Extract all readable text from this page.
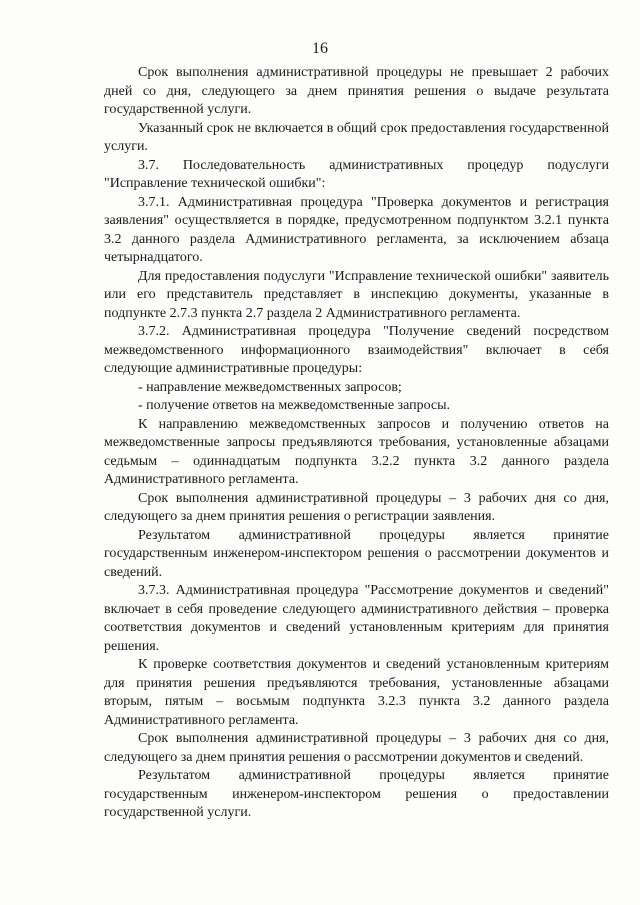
16

Срок выполнения административной процедуры не превышает 2 рабочих дней со дня, следующего за днем принятия решения о выдаче результата государственной услуги.

Указанный срок не включается в общий срок предоставления государственной услуги.

3.7. Последовательность административных процедур подуслуги "Исправление технической ошибки":

3.7.1. Административная процедура "Проверка документов и регистрация заявления" осуществляется в порядке, предусмотренном подпунктом 3.2.1 пункта 3.2 данного раздела Административного регламента, за исключением абзаца четырнадцатого.

Для предоставления подуслуги "Исправление технической ошибки" заявитель или его представитель представляет в инспекцию документы, указанные в подпункте 2.7.3 пункта 2.7 раздела 2 Административного регламента.

3.7.2. Административная процедура "Получение сведений посредством межведомственного информационного взаимодействия" включает в себя следующие административные процедуры:

- направление межведомственных запросов;

- получение ответов на межведомственные запросы.

К направлению межведомственных запросов и получению ответов на межведомственные запросы предъявляются требования, установленные абзацами седьмым – одиннадцатым подпункта 3.2.2 пункта 3.2 данного раздела Административного регламента.

Срок выполнения административной процедуры – 3 рабочих дня со дня, следующего за днем принятия решения о регистрации заявления.

Результатом административной процедуры является принятие государственным инженером-инспектором решения о рассмотрении документов и сведений.

3.7.3. Административная процедура "Рассмотрение документов и сведений" включает в себя проведение следующего административного действия – проверка соответствия документов и сведений установленным критериям для принятия решения.

К проверке соответствия документов и сведений установленным критериям для принятия решения предъявляются требования, установленные абзацами вторым, пятым – восьмым подпункта 3.2.3 пункта 3.2 данного раздела Административного регламента.

Срок выполнения административной процедуры – 3 рабочих дня со дня, следующего за днем принятия решения о рассмотрении документов и сведений.

Результатом административной процедуры является принятие государственным инженером-инспектором решения о предоставлении государственной услуги.
